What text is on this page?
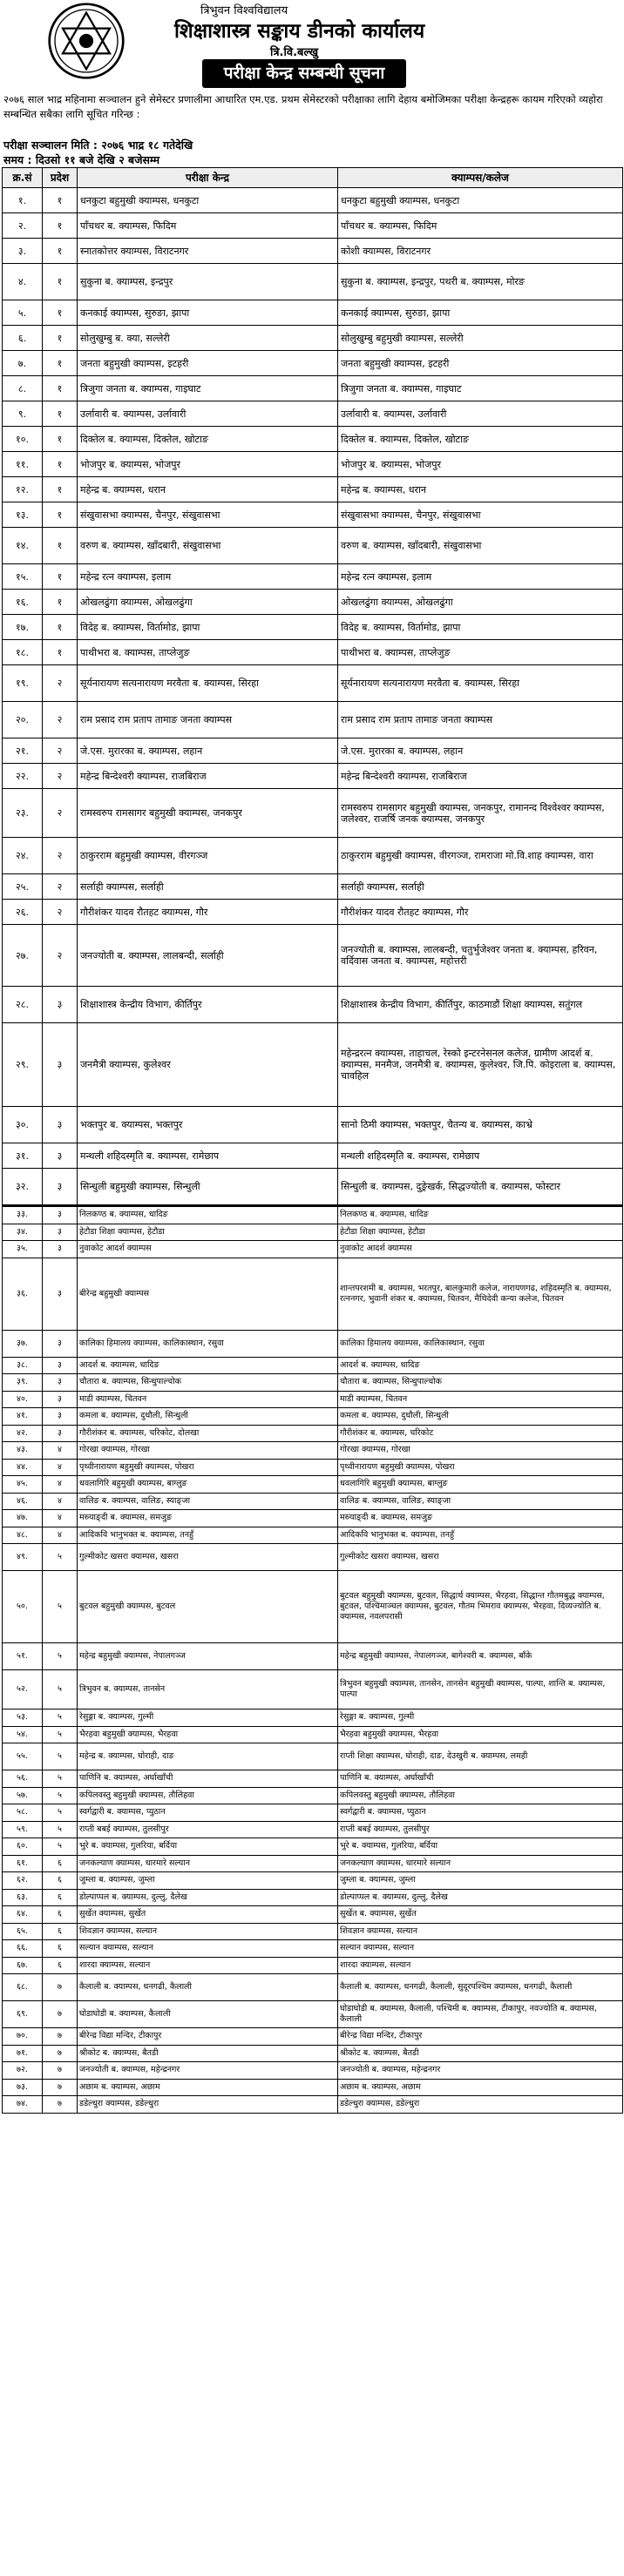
त्रिभुवन विश्वविद्यालय
शिक्षाशास्त्र सङ्काय डीनको कार्यालय
त्रि.वि.बल्खु
परीक्षा केन्द्र सम्बन्धी सूचना
२०७६ साल भाद्र महिनामा सञ्चालन हुने सेमेस्टर प्रणालीमा आधारित एम.एड. प्रथम सेमेस्टरको परीक्षाका लागि देहाय बमोजिमका परीक्षा केन्द्रहरू कायम गरिएको व्यहोरा सम्बन्धित सबैका लागि सूचित गरिन्छ :
परीक्षा सञ्चालन मिति : २०७६ भाद्र १८ गतेदेखि
समय : दिउसो ११ बजे देखि २ बजेसम्म
क्र.सं	प्रदेश	परीक्षा केन्द्र	क्याम्पस/कलेज
१.	१	धनकुटा बहुमुखी क्याम्पस, धनकुटा	धनकुटा बहुमुखी क्याम्पस, धनकुटा
२.	१	पाँचथर ब. क्याम्पस, फिदिम	पाँचथर ब. क्याम्पस, फिदिम
३.	१	स्नातकोत्तर क्याम्पस, विराटनगर	कोशी क्याम्पस, विराटनगर
४.	१	सुकुना ब. क्याम्पस, इन्द्रपुर	सुकुना ब. क्याम्पस, इन्द्रपुर, पथरी ब. क्याम्पस, मोरङ
५.	१	कनकाई क्याम्पस, सुरुङा, झापा	कनकाई क्याम्पस, सुरुङा, झापा
६.	१	सोलुखुम्बु ब. क्या, सल्लेरी	सोलुखुम्बु बहुमुखी क्याम्पस, सल्लेरी
७.	१	जनता बहुमुखी क्याम्पस, इटहरी	जनता बहुमुखी क्याम्पस, इटहरी
८.	१	त्रिजुगा जनता ब. क्याम्पस, गाइघाट	त्रिजुगा जनता ब. क्याम्पस, गाइघाट
९.	१	उर्लावारी ब. क्याम्पस, उर्लावारी	उर्लावारी ब. क्याम्पस, उर्लावारी
१०.	१	दिक्तेल ब. क्याम्पस, दिक्तेल, खोटाङ	दिक्तेल ब. क्याम्पस, दिक्तेल, खोटाङ
११.	१	भोजपुर ब. क्याम्पस, भोजपुर	भोजपुर ब. क्याम्पस, भोजपुर
१२.	१	महेन्द्र ब. क्याम्पस, धरान	महेन्द्र ब. क्याम्पस, धरान
१३.	१	संखुवासभा क्याम्पस, चैनपुर, संखुवासभा	संखुवासभा क्याम्पस, चैनपुर, संखुवासभा
१४.	१	वरुण ब. क्याम्पस, खाँदबारी, संखुवासभा	वरुण ब. क्याम्पस, खाँदबारी, संखुवासभा
१५.	१	महेन्द्र रत्न क्याम्पस, इलाम	महेन्द्र रत्न क्याम्पस, इलाम
१६.	१	ओखलढुंगा क्याम्पस, ओखलढुंगा	ओखलढुंगा क्याम्पस, ओखलढुंगा
१७.	१	विदेह ब. क्याम्पस, विर्तामोड, झापा	विदेह ब. क्याम्पस, विर्तामोड, झापा
१८.	१	पाथीभरा ब. क्याम्पस, ताप्लेजुङ	पाथीभरा ब. क्याम्पस, ताप्लेजुङ
१९.	२	सूर्यनारायण सत्यनारायण मरवैता ब. क्याम्पस, सिरहा	सूर्यनारायण सत्यनारायण मरवैता ब. क्याम्पस, सिरहा
२०.	२	राम प्रसाद राम प्रताप तामाङ जनता क्याम्पस	राम प्रसाद राम प्रताप तामाङ जनता क्याम्पस
२१.	२	जे.एस. मुरारका ब. क्याम्पस, लहान	जे.एस. मुरारका ब. क्याम्पस, लहान
२२.	२	महेन्द्र बिन्देश्वरी क्याम्पस, राजबिराज	महेन्द्र बिन्देश्वरी क्याम्पस, राजबिराज
२३.	२	रामस्वरुप रामसागर बहुमुखी क्याम्पस, जनकपुर	रामस्वरुप रामसागर बहुमुखी क्याम्पस, जनकपुर, रामानन्द विश्वेश्वर क्याम्पस, जलेश्वर, राजर्षि जनक क्याम्पस, जनकपुर
२४.	२	ठाकुरराम बहुमुखी क्याम्पस, वीरगञ्ज	ठाकुरराम बहुमुखी क्याम्पस, वीरगञ्ज, रामराजा मो.वि.शाह क्याम्पस, वारा
२५.	२	सर्लाही क्याम्पस, सर्लाही	सर्लाही क्याम्पस, सर्लाही
२६.	२	गौरीशंकर यादव रौतहट क्याम्पस, गौर	गौरीशंकर यादव रौतहट क्याम्पस, गौर
२७.	२	जनज्योती ब. क्याम्पस, लालबन्दी, सर्लाही	जनज्योती ब. क्याम्पस, लालबन्दी, चतुर्भुजेश्वर जनता ब. क्याम्पस, हरिवन, वर्दिवास जनता ब. क्याम्पस, महोत्तरी
२८.	३	शिक्षाशास्त्र केन्द्रीय विभाग, कीर्तिपुर	शिक्षाशास्त्र केन्द्रीय विभाग, कीर्तिपुर, काठमाडौं शिक्षा क्याम्पस, सतुंगल
२९.	३	जनमैत्री क्याम्पस, कुलेश्वर	महेन्द्ररत्न क्याम्पस, ताहाचल, रेस्को इन्टरनेसनल कलेज, ग्रामीण आदर्श ब. क्याम्पस, मनमैज, जनमैत्री ब. क्याम्पस, कुलेश्वर, जि.पि. कोइराला ब. क्याम्पस, चावहिल
३०.	३	भक्तपुर ब. क्याम्पस, भक्तपुर	सानो ठिमी क्याम्पस, भक्तपुर, चैतन्य ब. क्याम्पस, काभ्रे
३१.	३	मन्थली शहिदस्मृति ब. क्याम्पस, रामेछाप	मन्थली शहिदस्मृति ब. क्याम्पस, रामेछाप
३२.	३	सिन्धुली बहुमुखी क्याम्पस, सिन्धुली	सिन्धुली ब. क्याम्पस, दुङ्रेखर्क, सिद्धज्योती ब. क्याम्पस, फोस्टार
३३.	३	निलकण्ठ ब. क्याम्पस, धादिङ	निलकण्ठ ब. क्याम्पस, धादिङ
३४.	३	हेटौडा शिक्षा क्याम्पस, हेटौडा	हेटौडा शिक्षा क्याम्पस, हेटौडा
३५.	३	नुवाकोट आदर्श क्याम्पस	नुवाकोट आदर्श क्याम्पस
३६.	३	बीरेन्द्र बहुमुखी क्याम्पस	शान्तपरशमी ब. क्याम्पस, भरतपुर, बालकुमारी कलेज, नारायणगढ, शहिदस्मृति ब. क्याम्पस, रत्ननगर, भुवानी शंकर ब. क्याम्पस, चितवन, मैथिदेवी कन्या कलेज, चितवन
३७.	३	कालिका हिमालय क्याम्पस, कालिकास्थान, रसुवा	कालिका हिमालय क्याम्पस, कालिकास्थान, रसुवा
३८.	३	आदर्श ब. क्याम्पस, धादिङ	आदर्श ब. क्याम्पस, धादिङ
३९.	३	चौतारा ब. क्याम्पस, सिन्धुपाल्चोक	चौतारा ब. क्याम्पस, सिन्धुपाल्चोक
४०.	३	माडी क्याम्पस, चितवन	माडी क्याम्पस, चितवन
४१.	३	कमला ब. क्याम्पस, दुधौली, सिन्धुली	कमला ब. क्याम्पस, दुधौली, सिन्धुली
४२.	३	गौरीशंकर ब. क्याम्पस, चरिकोट, दोलखा	गौरीशंकर ब. क्याम्पस, चरिकोट
४३.	४	गोरखा क्याम्पस, गोरखा	गोरखा क्याम्पस, गोरखा
४४.	४	पृथ्वीनारायण बहुमुखी क्याम्पस, पोखरा	पृथ्वीनारायण बहुमुखी क्याम्पस, पोखरा
४५.	४	धवलागिरि बहुमुखी क्याम्पस, बाग्लुङ	धवलागिरि बहुमुखी क्याम्पस, बाग्लुङ
४६.	४	वालिङ ब. क्याम्पस, वालिङ, स्याङ्जा	वालिङ ब. क्याम्पस, वालिङ, स्याङ्जा
४७.	४	मस्र्याङ्दी ब. क्याम्पस, समजुङ	मस्र्याङ्दी ब. क्याम्पस, समजुङ
४८.	४	आदिकवि भानुभक्त ब. क्याम्पस, तनहुँ	आदिकवि भानुभक्त ब. क्याम्पस, तनहुँ
४९.	५	गुल्मीकोट खसरा क्याम्पस, खसरा	गुल्मीकोट खसरा क्याम्पस, खसरा
५०.	५	बुटवल बहुमुखी क्याम्पस, बुटवल	बुटवल बहुमुखी क्याम्पस, बुटवल, सिद्धार्थ क्याम्पस, भैरहवा, सिद्धान्त गौतमबुद्ध क्याम्पस, बुटवल, पश्चिमाञ्चल क्याम्पस, बुटवल, गौतम भिमराव क्याम्पस, भैरहवा, दिव्यज्योति ब. क्याम्पस, नवलपरासी
५१.	५	महेन्द्र बहुमुखी क्याम्पस, नेपालगञ्ज	महेन्द्र बहुमुखी क्याम्पस, नेपालगञ्ज, बागेश्वरी ब. क्याम्पस, बाँके
५२.	५	त्रिभुवन ब. क्याम्पस, तानसेन	त्रिभुवन बहुमुखी क्याम्पस, तानसेन, तानसेन बहुमुखी क्याम्पस, पाल्पा, शान्ति ब. क्याम्पस, पाल्पा
५३.	५	रेसुङ्गा ब. क्याम्पस, गुल्मी	रेसुङ्गा ब. क्याम्पस, गुल्मी
५४.	५	भैरहवा बहुमुखी क्याम्पस, भैरहवा	भैरहवा बहुमुखी क्याम्पस, भैरहवा
५५.	५	महेन्द्र ब. क्याम्पस, घोराही, दाङ	राप्ती शिक्षा क्याम्पस, घोराही, दाङ, देउखुरी ब. क्याम्पस, लमही
५६.	५	पाणिनि ब. क्याम्पस, अर्घाखाँची	पाणिनि ब. क्याम्पस, अर्घाखाँची
५७.	५	कपिलवस्तु बहुमुखी क्याम्पस, तौलिहवा	कपिलवस्तु बहुमुखी क्याम्पस, तौलिहवा
५८.	५	स्वर्गद्वारी ब. क्याम्पस, प्युठान	स्वर्गद्वारी ब. क्याम्पस, प्युठान
५९.	५	राप्ती बबई क्याम्पस, तुलसीपुर	राप्ती बबई क्याम्पस, तुलसीपुर
६०.	५	भुरे ब. क्याम्पस, गुलरिया, बर्दिया	भुरे ब. क्याम्पस, गुलरिया, बर्दिया
६१.	६	जनकल्याण क्याम्पस, धारमारे सल्यान	जनकल्याण क्याम्पस, धारमारे सल्यान
६२.	६	जुम्ला ब. क्याम्पस, जुम्ला	जुम्ला ब. क्याम्पस, जुम्ला
६३.	६	डोल्पाप्पल ब. क्याम्पस, दुल्लु, दैलेख	डोल्पाप्पल ब. क्याम्पस, दुल्लु, दैलेख
६४.	६	सुर्खेत क्याम्पस, सुर्खेत	सुर्खेत ब. क्याम्पस, सुर्खेत
६५.	६	शिवज्ञान क्याम्पस, सल्यान	शिवज्ञान क्याम्पस, सल्यान
६६.	६	सल्यान क्याम्पस, सल्यान	सल्यान क्याम्पस, सल्यान
६७.	६	शारदा क्याम्पस, सल्यान	शारदा क्याम्पस, सल्यान
६८.	७	कैलाली ब. क्याम्पस, धनगढी, कैलाली	कैलाली ब. क्याम्पस, धनगढी, कैलाली, सुदूरपश्चिम क्याम्पस, धनगढी, कैलाली
६९.	७	घोडाघोडी ब. क्याम्पस, कैलाली	घोडाघोडी ब. क्याम्पस, कैलाली, पश्चिमी ब. क्याम्पस, टीकापुर, नवज्योति ब. क्याम्पस, कैलाली
७०.	७	बीरेन्द्र विद्या मन्दिर, टीकापुर	बीरेन्द्र विद्या मन्दिर, टीकापुर
७१.	७	श्रीकोट ब. क्याम्पस, बैतडी	श्रीकोट ब. क्याम्पस, बैतडी
७२.	७	जनज्योती ब. क्याम्पस, महेन्द्रनगर	जनज्योती ब. क्याम्पस, महेन्द्रनगर
७३.	७	अछाम ब. क्याम्पस, अछाम	अछाम ब. क्याम्पस, अछाम
७४.	७	डडेल्धुरा क्याम्पस, डडेल्धुरा	डडेल्धुरा क्याम्पस, डडेल्धुरा
